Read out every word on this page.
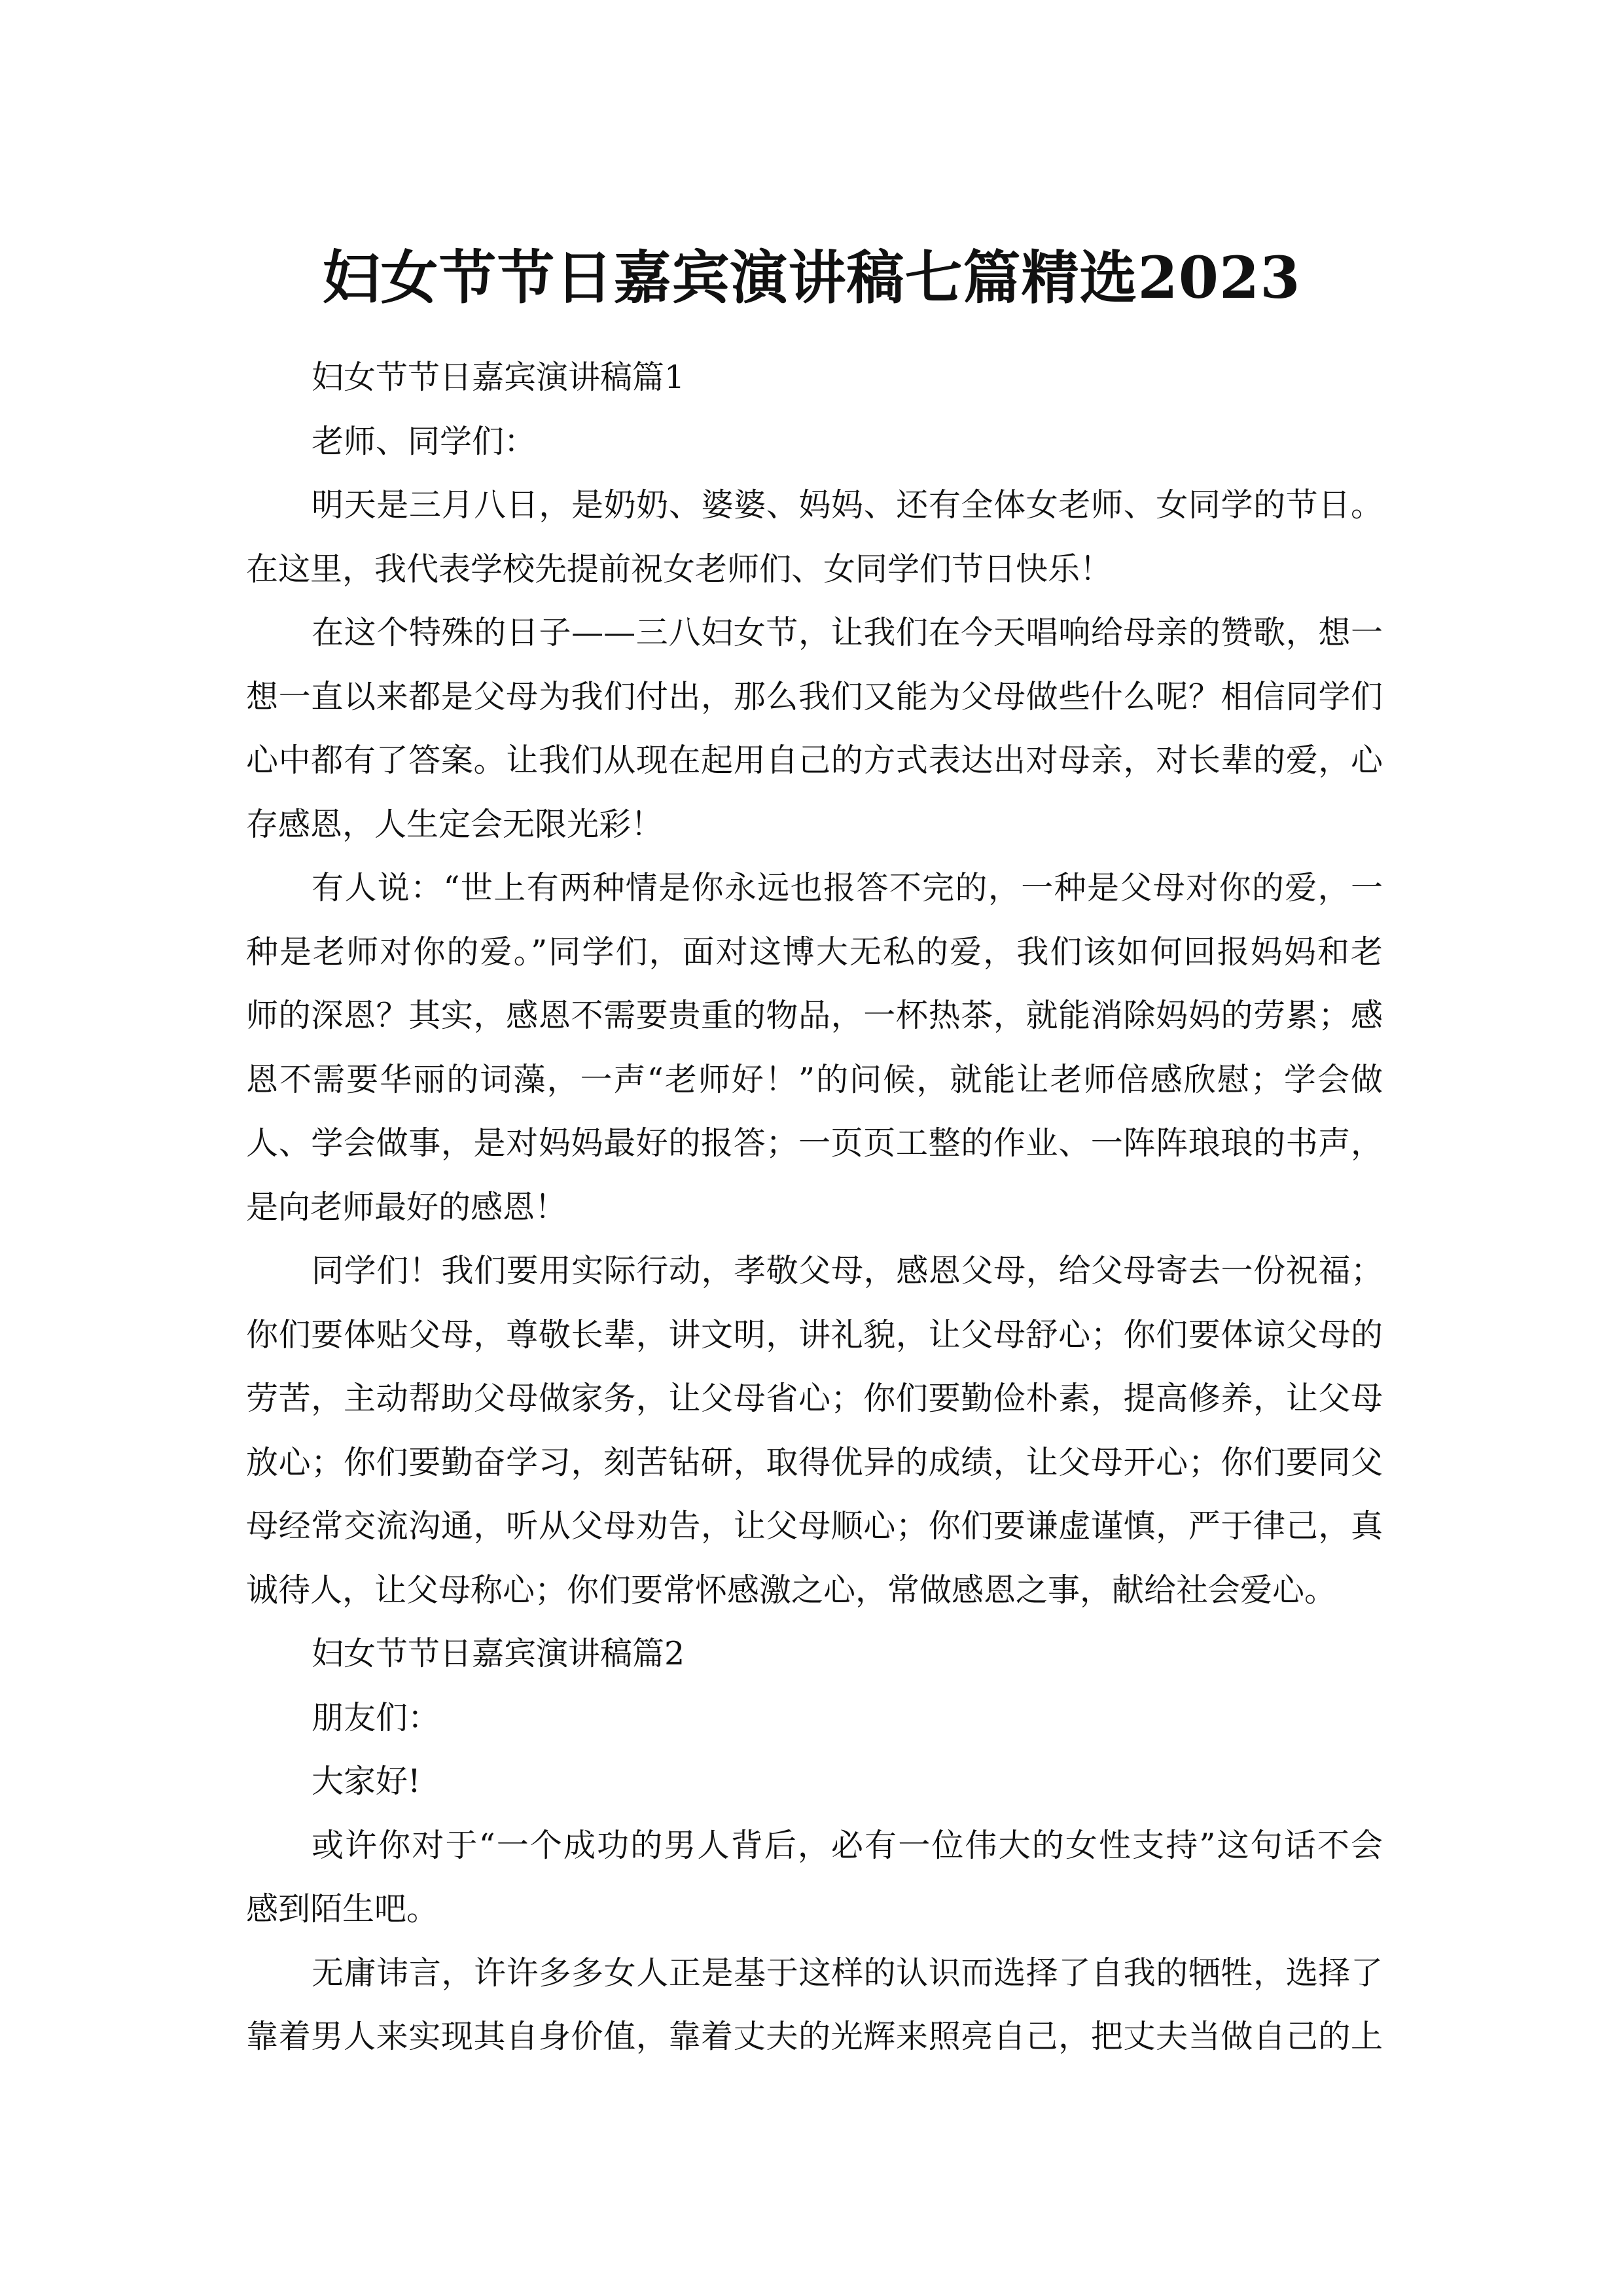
妇女节节日嘉宾演讲稿七篇精选2023
妇女节节日嘉宾演讲稿篇1
老师、同学们：
明天是三月八日，是奶奶、婆婆、妈妈、还有全体女老师、女同学的节日。
在这里，我代表学校先提前祝女老师们、女同学们节日快乐！
在这个特殊的日子——三八妇女节，让我们在今天唱响给母亲的赞歌，想一
想一直以来都是父母为我们付出，那么我们又能为父母做些什么呢？相信同学们
心中都有了答案。让我们从现在起用自己的方式表达出对母亲，对长辈的爱，心
存感恩，人生定会无限光彩！
有人说：“世上有两种情是你永远也报答不完的，一种是父母对你的爱，一
种是老师对你的爱。”同学们，面对这博大无私的爱，我们该如何回报妈妈和老
师的深恩？其实，感恩不需要贵重的物品，一杯热茶，就能消除妈妈的劳累；感
恩不需要华丽的词藻，一声“老师好！”的问候，就能让老师倍感欣慰；学会做
人、学会做事，是对妈妈最好的报答；一页页工整的作业、一阵阵琅琅的书声，
是向老师最好的感恩！
同学们！我们要用实际行动，孝敬父母，感恩父母，给父母寄去一份祝福；
你们要体贴父母，尊敬长辈，讲文明，讲礼貌，让父母舒心；你们要体谅父母的
劳苦，主动帮助父母做家务，让父母省心；你们要勤俭朴素，提高修养，让父母
放心；你们要勤奋学习，刻苦钻研，取得优异的成绩，让父母开心；你们要同父
母经常交流沟通，听从父母劝告，让父母顺心；你们要谦虚谨慎，严于律己，真
诚待人，让父母称心；你们要常怀感激之心，常做感恩之事，献给社会爱心。
妇女节节日嘉宾演讲稿篇2
朋友们：
大家好!
或许你对于“一个成功的男人背后，必有一位伟大的女性支持”这句话不会
感到陌生吧。
无庸讳言，许许多多女人正是基于这样的认识而选择了自我的牺牲，选择了
靠着男人来实现其自身价值，靠着丈夫的光辉来照亮自己，把丈夫当做自己的上
